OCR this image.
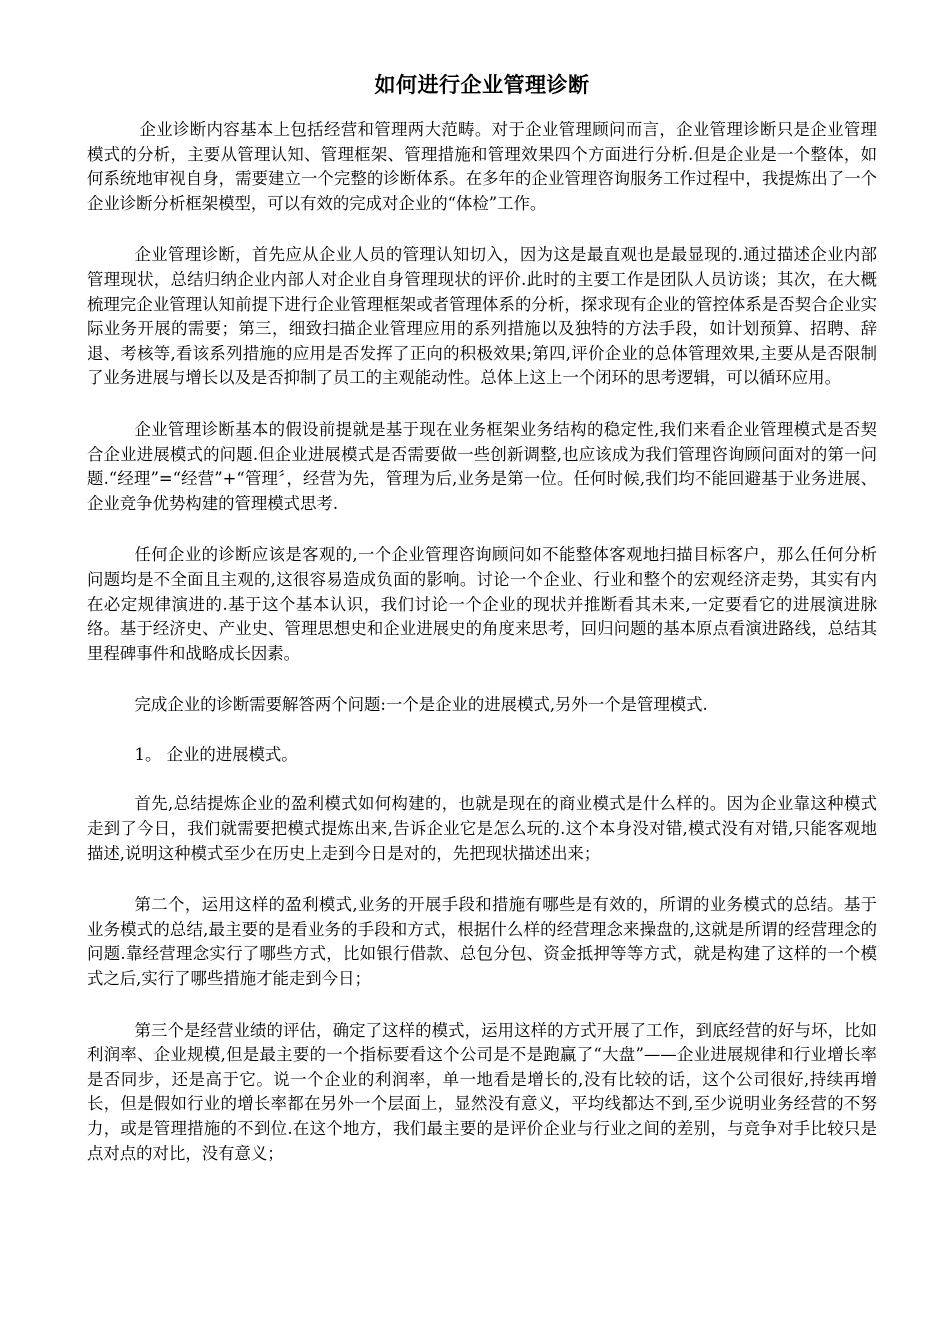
如何进行企业管理诊断

企业诊断内容基本上包括经营和管理两大范畴。对于企业管理顾问而言，企业管理诊断只是企业管理模式的分析，主要从管理认知、管理框架、管理措施和管理效果四个方面进行分析.但是企业是一个整体，如何系统地审视自身，需要建立一个完整的诊断体系。在多年的企业管理咨询服务工作过程中，我提炼出了一个企业诊断分析框架模型，可以有效的完成对企业的“体检”工作。

企业管理诊断，首先应从企业人员的管理认知切入，因为这是最直观也是最显现的.通过描述企业内部管理现状，总结归纳企业内部人对企业自身管理现状的评价.此时的主要工作是团队人员访谈；其次，在大概梳理完企业管理认知前提下进行企业管理框架或者管理体系的分析，探求现有企业的管控体系是否契合企业实际业务开展的需要；第三，细致扫描企业管理应用的系列措施以及独特的方法手段，如计划预算、招聘、辞退、考核等,看该系列措施的应用是否发挥了正向的积极效果;第四,评价企业的总体管理效果,主要从是否限制了业务进展与增长以及是否抑制了员工的主观能动性。总体上这上一个闭环的思考逻辑，可以循环应用。

企业管理诊断基本的假设前提就是基于现在业务框架业务结构的稳定性,我们来看企业管理模式是否契合企业进展模式的问题.但企业进展模式是否需要做一些创新调整,也应该成为我们管理咨询顾问面对的第一问题.“经理”=“经营”+“管理〞，经营为先，管理为后,业务是第一位。任何时候,我们均不能回避基于业务进展、企业竞争优势构建的管理模式思考.

任何企业的诊断应该是客观的,一个企业管理咨询顾问如不能整体客观地扫描目标客户，那么任何分析问题均是不全面且主观的,这很容易造成负面的影响。讨论一个企业、行业和整个的宏观经济走势，其实有内在必定规律演进的.基于这个基本认识，我们讨论一个企业的现状并推断看其未来,一定要看它的进展演进脉络。基于经济史、产业史、管理思想史和企业进展史的角度来思考，回归问题的基本原点看演进路线，总结其里程碑事件和战略成长因素。

完成企业的诊断需要解答两个问题:一个是企业的进展模式,另外一个是管理模式.

1。 企业的进展模式。

首先,总结提炼企业的盈利模式如何构建的，也就是现在的商业模式是什么样的。因为企业靠这种模式走到了今日，我们就需要把模式提炼出来,告诉企业它是怎么玩的.这个本身没对错,模式没有对错,只能客观地描述,说明这种模式至少在历史上走到今日是对的，先把现状描述出来；

第二个，运用这样的盈利模式,业务的开展手段和措施有哪些是有效的，所谓的业务模式的总结。基于业务模式的总结,最主要的是看业务的手段和方式，根据什么样的经营理念来操盘的,这就是所谓的经营理念的问题.靠经营理念实行了哪些方式，比如银行借款、总包分包、资金抵押等等方式，就是构建了这样的一个模式之后,实行了哪些措施才能走到今日；

第三个是经营业绩的评估，确定了这样的模式，运用这样的方式开展了工作，到底经营的好与坏，比如利润率、企业规模,但是最主要的一个指标要看这个公司是不是跑赢了“大盘”——企业进展规律和行业增长率是否同步，还是高于它。说一个企业的利润率，单一地看是增长的,没有比较的话，这个公司很好,持续再增长，但是假如行业的增长率都在另外一个层面上，显然没有意义，平均线都达不到,至少说明业务经营的不努力，或是管理措施的不到位.在这个地方，我们最主要的是评价企业与行业之间的差别，与竞争对手比较只是点对点的对比，没有意义；
